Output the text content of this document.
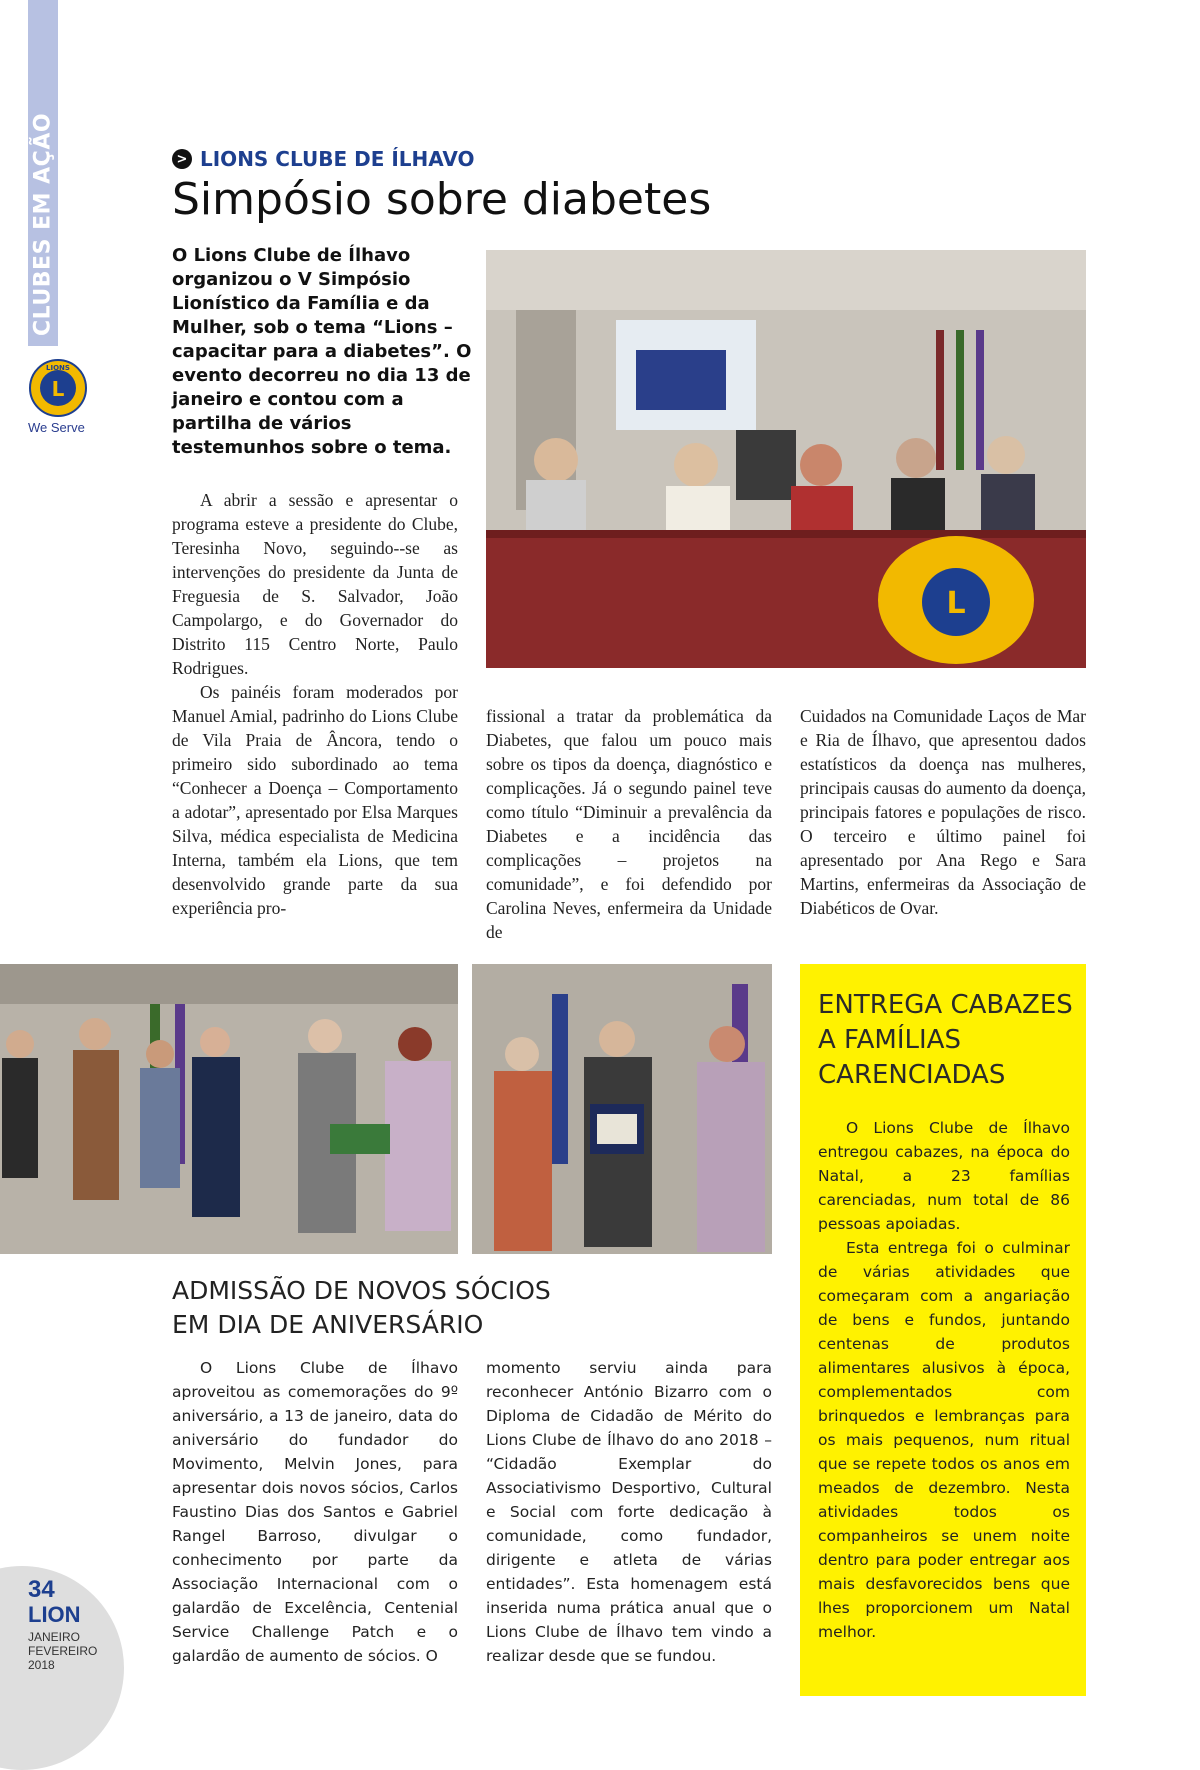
> CLUBES EM AÇÃO
L
LIONS
We Serve
> LIONS CLUBE DE ÍLHAVO
Simpósio sobre diabetes
O Lions Clube de Ílhavo organizou o V Simpósio Lionístico da Família e da Mulher, sob o tema “Lions – capacitar para a diabetes”. O evento decorreu no dia 13 de janeiro e contou com a partilha de vários testemunhos sobre o tema.
L

A abrir a sessão e apresentar o programa esteve a presidente do Clube, Teresinha Novo, seguindo--se as intervenções do presidente da Junta de Freguesia de S. Salvador, João Campolargo, e do Governador do Distrito 115 Centro Norte, Paulo Rodrigues.

Os painéis foram moderados por Manuel Amial, padrinho do Lions Clube de Vila Praia de Âncora, tendo o primeiro sido subordinado ao tema “Conhecer a Doença – Comportamento a adotar”, apresentado por Elsa Marques Silva, médica especialista de Medicina Interna, também ela Lions, que tem desenvolvido grande parte da sua experiência pro-

fissional a tratar da problemática da Diabetes, que falou um pouco mais sobre os tipos da doença, diagnóstico e complicações. Já o segundo painel teve como título “Diminuir a prevalência da Diabetes e a incidência das complicações – projetos na comunidade”, e foi defendido por Carolina Neves, enfermeira da Unidade de

Cuidados na Comunidade Laços de Mar e Ria de Ílhavo, que apresentou dados estatísticos da doença nas mulheres, principais causas do aumento da doença, principais fatores e populações de risco. O terceiro e último painel foi apresentado por Ana Rego e Sara Martins, enfermeiras da Associação de Diabéticos de Ovar.

ADMISSÃO DE NOVOS SÓCIOS
EM DIA DE ANIVERSÁRIO

O Lions Clube de Ílhavo aproveitou as comemorações do 9º aniversário, a 13 de janeiro, data do aniversário do fundador do Movimento, Melvin Jones, para apresentar dois novos sócios, Carlos Faustino Dias dos Santos e Gabriel Rangel Barroso, divulgar o conhecimento por parte da Associação Internacional com o galardão de Excelência, Centenial Service Challenge Patch e o galardão de aumento de sócios. O

momento serviu ainda para reconhecer António Bizarro com o Diploma de Cidadão de Mérito do Lions Clube de Ílhavo do ano 2018 – “Cidadão Exemplar do Associativismo Desportivo, Cultural e Social com forte dedicação à comunidade, como fundador, dirigente e atleta de várias entidades”. Esta homenagem está inserida numa prática anual que o Lions Clube de Ílhavo tem vindo a realizar desde que se fundou.

ENTREGA CABAZES
A FAMÍLIAS
CARENCIADAS

O Lions Clube de Ílhavo entregou cabazes, na época do Natal, a 23 famílias carenciadas, num total de 86 pessoas apoiadas.

Esta entrega foi o culminar de várias atividades que começaram com a angariação de bens e fundos, juntando centenas de produtos alimentares alusivos à época, complementados com brinquedos e lembranças para os mais pequenos, num ritual que se repete todos os anos em meados de dezembro. Nesta atividades todos os companheiros se unem noite dentro para poder entregar aos mais desfavorecidos bens que lhes proporcionem um Natal melhor.

34
LION
JANEIRO
FEVEREIRO
2018
